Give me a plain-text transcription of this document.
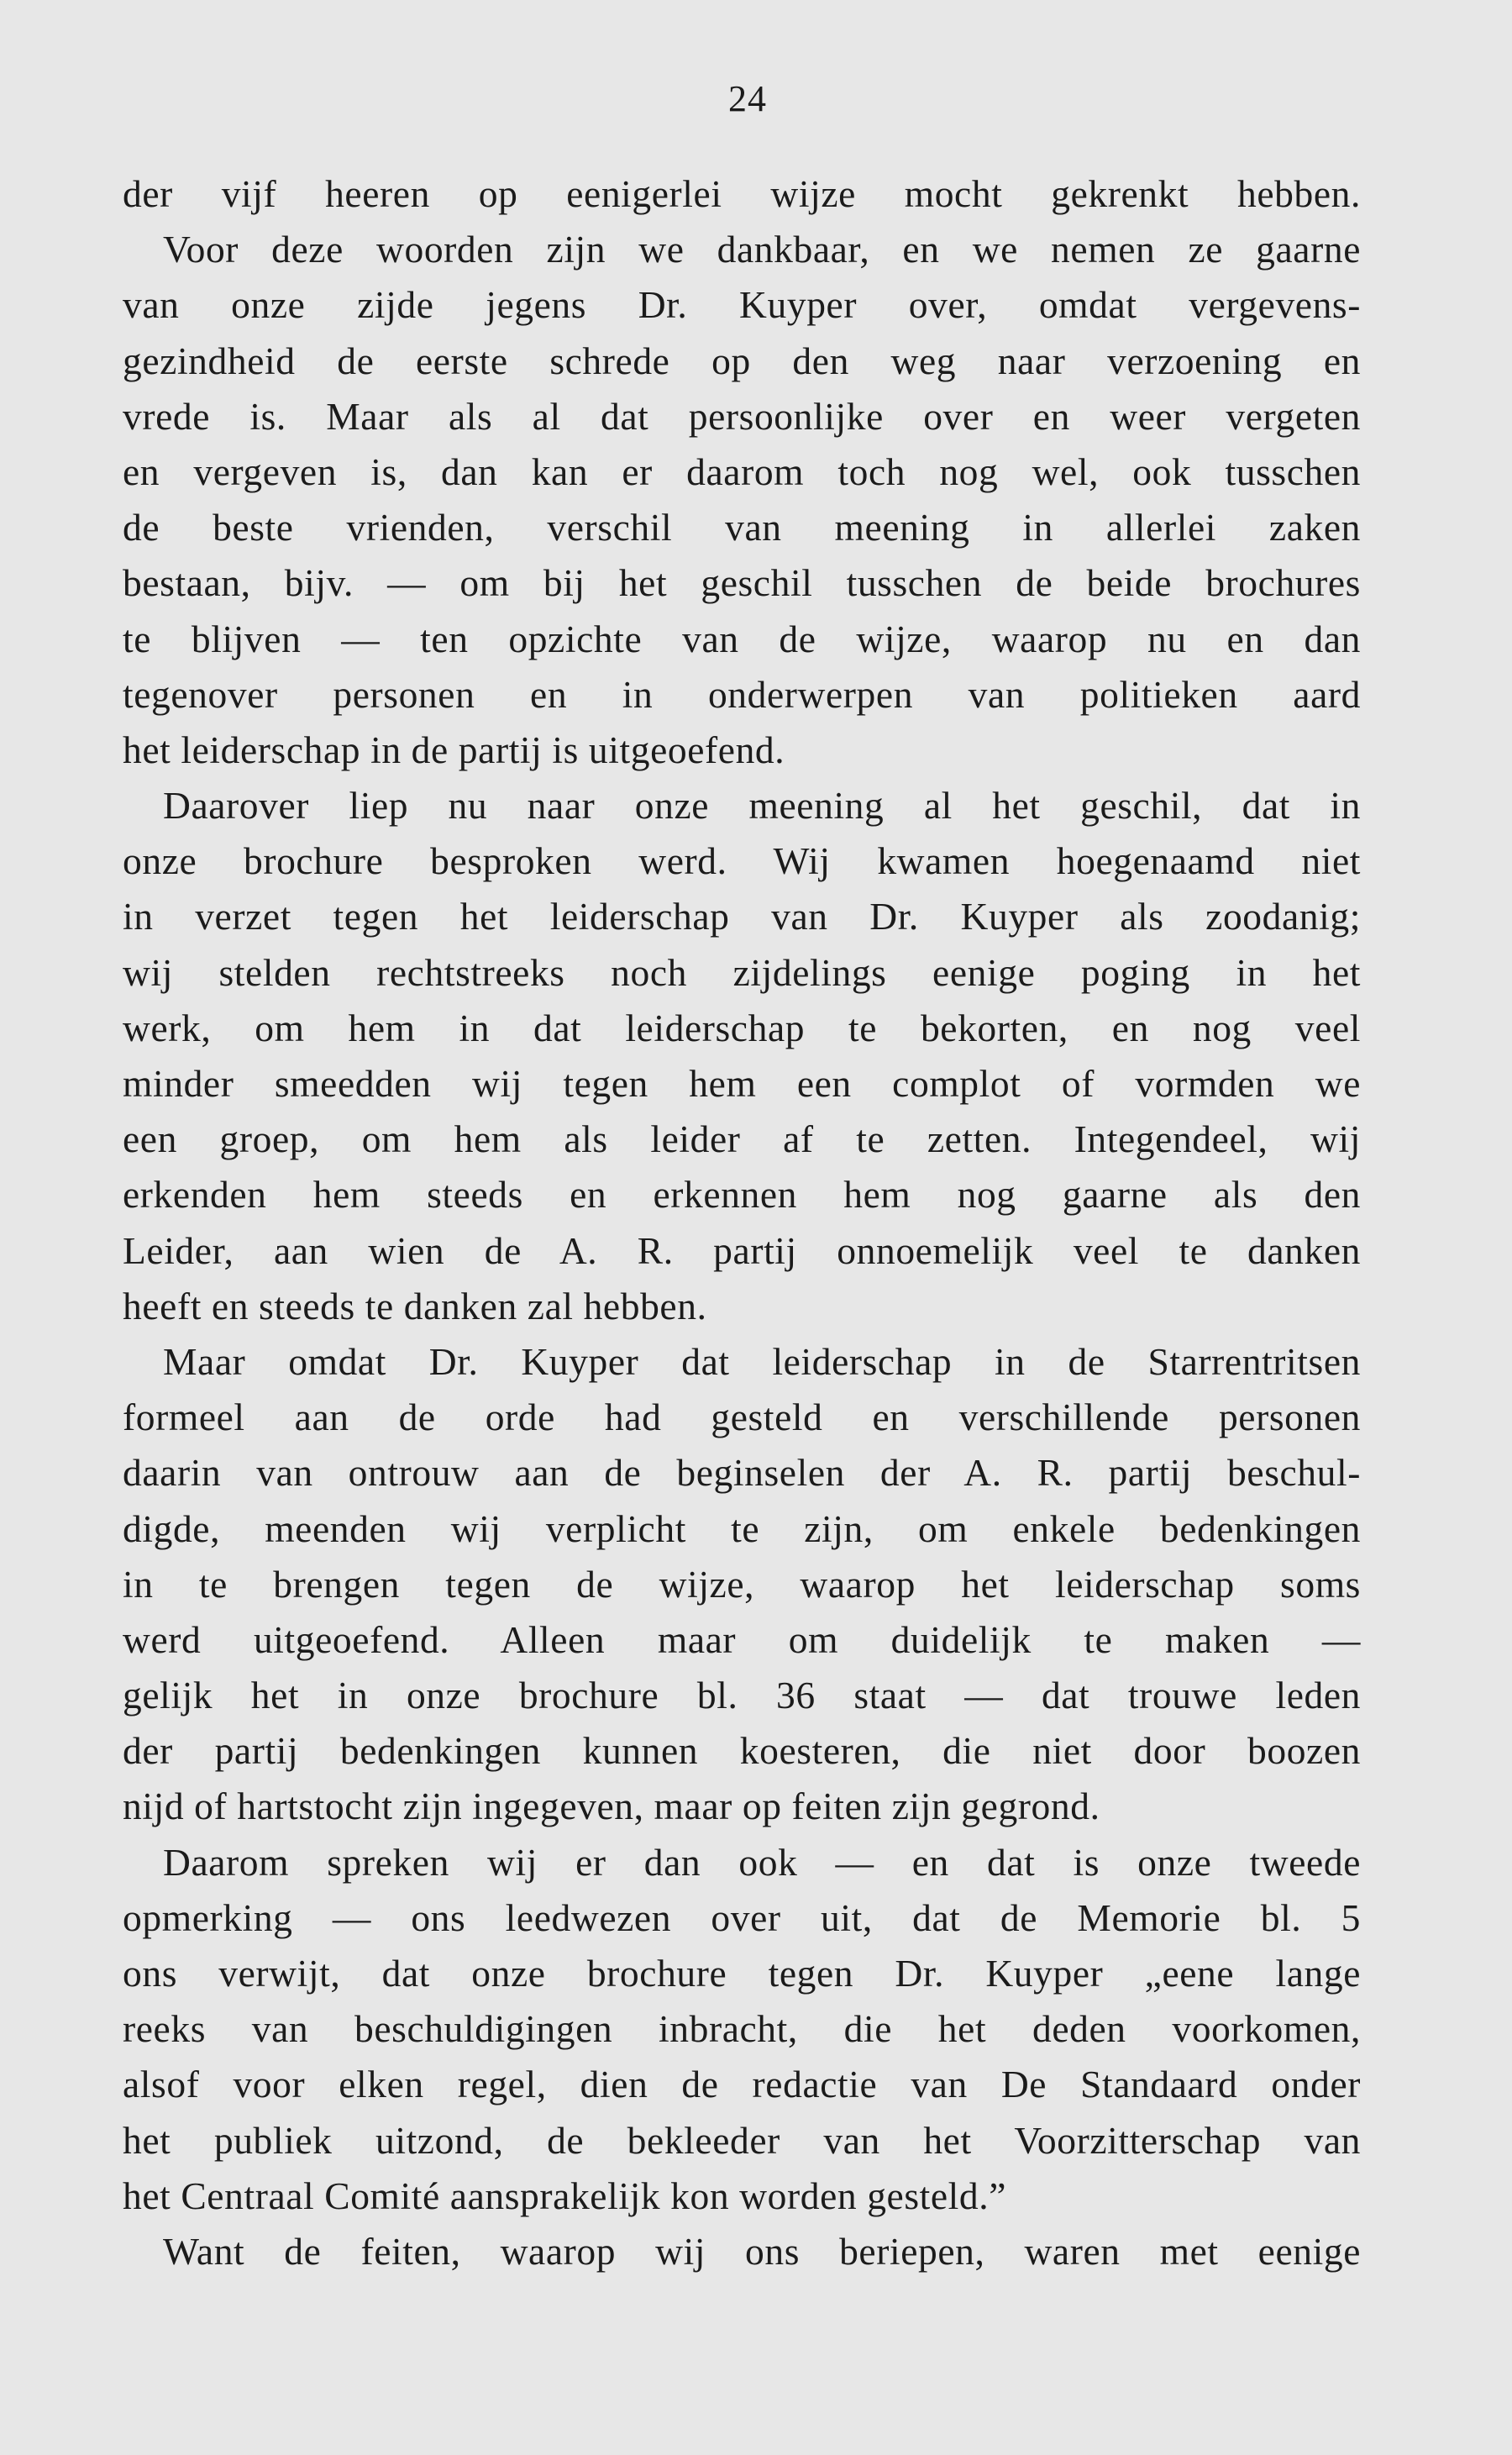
24
der vijf heeren op eenigerlei wijze mocht gekrenkt hebben.
Voor deze woorden zijn we dankbaar, en we nemen ze gaarne
van onze zijde jegens Dr. Kuyper over, omdat vergevens-
gezindheid de eerste schrede op den weg naar verzoening en
vrede is. Maar als al dat persoonlijke over en weer vergeten
en vergeven is, dan kan er daarom toch nog wel, ook tusschen
de beste vrienden, verschil van meening in allerlei zaken
bestaan, bijv. — om bij het geschil tusschen de beide brochures
te blijven — ten opzichte van de wijze, waarop nu en dan
tegenover personen en in onderwerpen van politieken aard
het leiderschap in de partij is uitgeoefend.
Daarover liep nu naar onze meening al het geschil, dat in
onze brochure besproken werd. Wij kwamen hoegenaamd niet
in verzet tegen het leiderschap van Dr. Kuyper als zoodanig;
wij stelden rechtstreeks noch zijdelings eenige poging in het
werk, om hem in dat leiderschap te bekorten, en nog veel
minder smeedden wij tegen hem een complot of vormden we
een groep, om hem als leider af te zetten. Integendeel, wij
erkenden hem steeds en erkennen hem nog gaarne als den
Leider, aan wien de A. R. partij onnoemelijk veel te danken
heeft en steeds te danken zal hebben.
Maar omdat Dr. Kuyper dat leiderschap in de Starrentritsen
formeel aan de orde had gesteld en verschillende personen
daarin van ontrouw aan de beginselen der A. R. partij beschul-
digde, meenden wij verplicht te zijn, om enkele bedenkingen
in te brengen tegen de wijze, waarop het leiderschap soms
werd uitgeoefend. Alleen maar om duidelijk te maken —
gelijk het in onze brochure bl. 36 staat — dat trouwe leden
der partij bedenkingen kunnen koesteren, die niet door boozen
nijd of hartstocht zijn ingegeven, maar op feiten zijn gegrond.
Daarom spreken wij er dan ook — en dat is onze tweede
opmerking — ons leedwezen over uit, dat de Memorie bl. 5
ons verwijt, dat onze brochure tegen Dr. Kuyper „eene lange
reeks van beschuldigingen inbracht, die het deden voorkomen,
alsof voor elken regel, dien de redactie van De Standaard onder
het publiek uitzond, de bekleeder van het Voorzitterschap van
het Centraal Comité aansprakelijk kon worden gesteld.”
Want de feiten, waarop wij ons beriepen, waren met eenige
